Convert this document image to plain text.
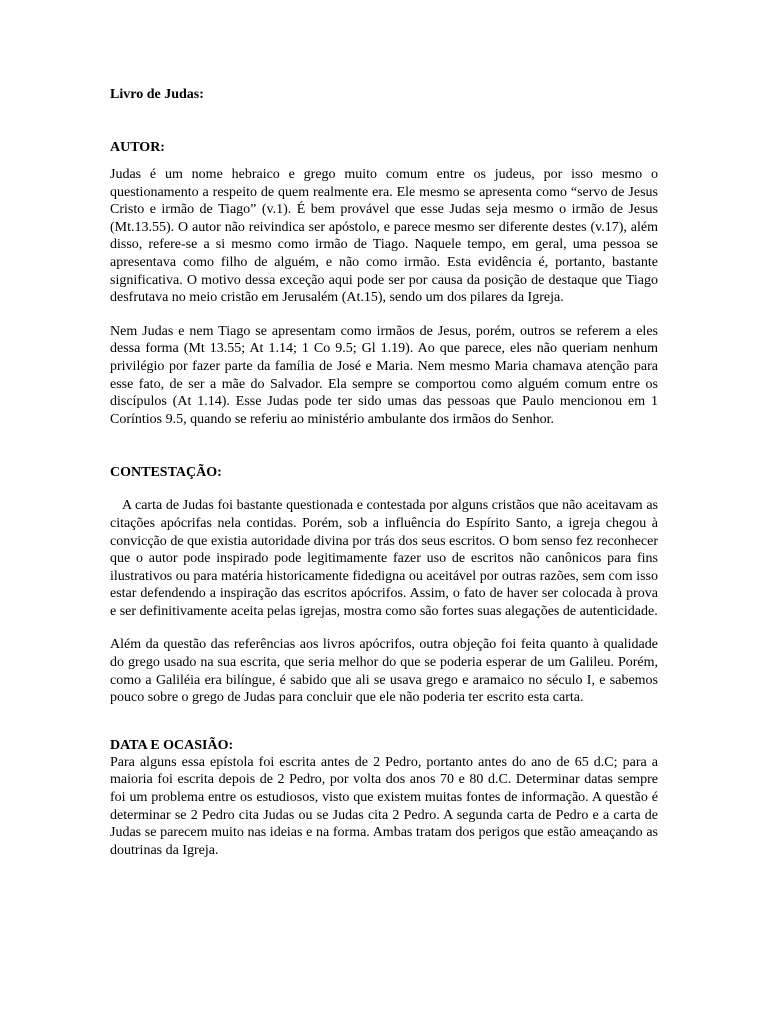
Livro de Judas:

AUTOR:

Judas é um nome hebraico e grego muito comum entre os judeus, por isso mesmo o questionamento a respeito de quem realmente era. Ele mesmo se apresenta como “servo de Jesus Cristo e irmão de Tiago” (v.1). É bem provável que esse Judas seja mesmo o irmão de Jesus (Mt.13.55). O autor não reivindica ser apóstolo, e parece mesmo ser diferente destes (v.17), além disso, refere-se a si mesmo como irmão de Tiago. Naquele tempo, em geral, uma pessoa se apresentava como filho de alguém, e não como irmão. Esta evidência é, portanto, bastante significativa. O motivo dessa exceção aqui pode ser por causa da posição de destaque que Tiago desfrutava no meio cristão em Jerusalém (At.15), sendo um dos pilares da Igreja.

Nem Judas e nem Tiago se apresentam como irmãos de Jesus, porém, outros se referem a eles dessa forma (Mt 13.55; At 1.14; 1 Co 9.5; Gl 1.19). Ao que parece, eles não queriam nenhum privilégio por fazer parte da família de José e Maria. Nem mesmo Maria chamava atenção para esse fato, de ser a mãe do Salvador. Ela sempre se comportou como alguém comum entre os discípulos (At 1.14). Esse Judas pode ter sido umas das pessoas que Paulo mencionou em 1 Coríntios 9.5, quando se referiu ao ministério ambulante dos irmãos do Senhor.

CONTESTAÇÃO:

A carta de Judas foi bastante questionada e contestada por alguns cristãos que não aceitavam as citações apócrifas nela contidas. Porém, sob a influência do Espírito Santo, a igreja chegou à convicção de que existia autoridade divina por trás dos seus escritos. O bom senso fez reconhecer que o autor pode inspirado pode legitimamente fazer uso de escritos não canônicos para fins ilustrativos ou para matéria historicamente fidedigna ou aceitável por outras razões, sem com isso estar defendendo a inspiração das escritos apócrifos. Assim, o fato de haver ser colocada à prova e ser definitivamente aceita pelas igrejas, mostra como são fortes suas alegações de autenticidade.

Além da questão das referências aos livros apócrifos, outra objeção foi feita quanto à qualidade do grego usado na sua escrita, que seria melhor do que se poderia esperar de um Galileu. Porém, como a Galiléia era bilíngue, é sabido que ali se usava grego e aramaico no século I, e sabemos pouco sobre o grego de Judas para concluir que ele não poderia ter escrito esta carta.

DATA E OCASIÃO:

Para alguns essa epístola foi escrita antes de 2 Pedro, portanto antes do ano de 65 d.C; para a maioria foi escrita depois de 2 Pedro, por volta dos anos 70 e 80 d.C. Determinar datas sempre foi um problema entre os estudiosos, visto que existem muitas fontes de informação. A questão é determinar se 2 Pedro cita Judas ou se Judas cita 2 Pedro. A segunda carta de Pedro e a carta de Judas se parecem muito nas ideias e na forma. Ambas tratam dos perigos que estão ameaçando as doutrinas da Igreja.
